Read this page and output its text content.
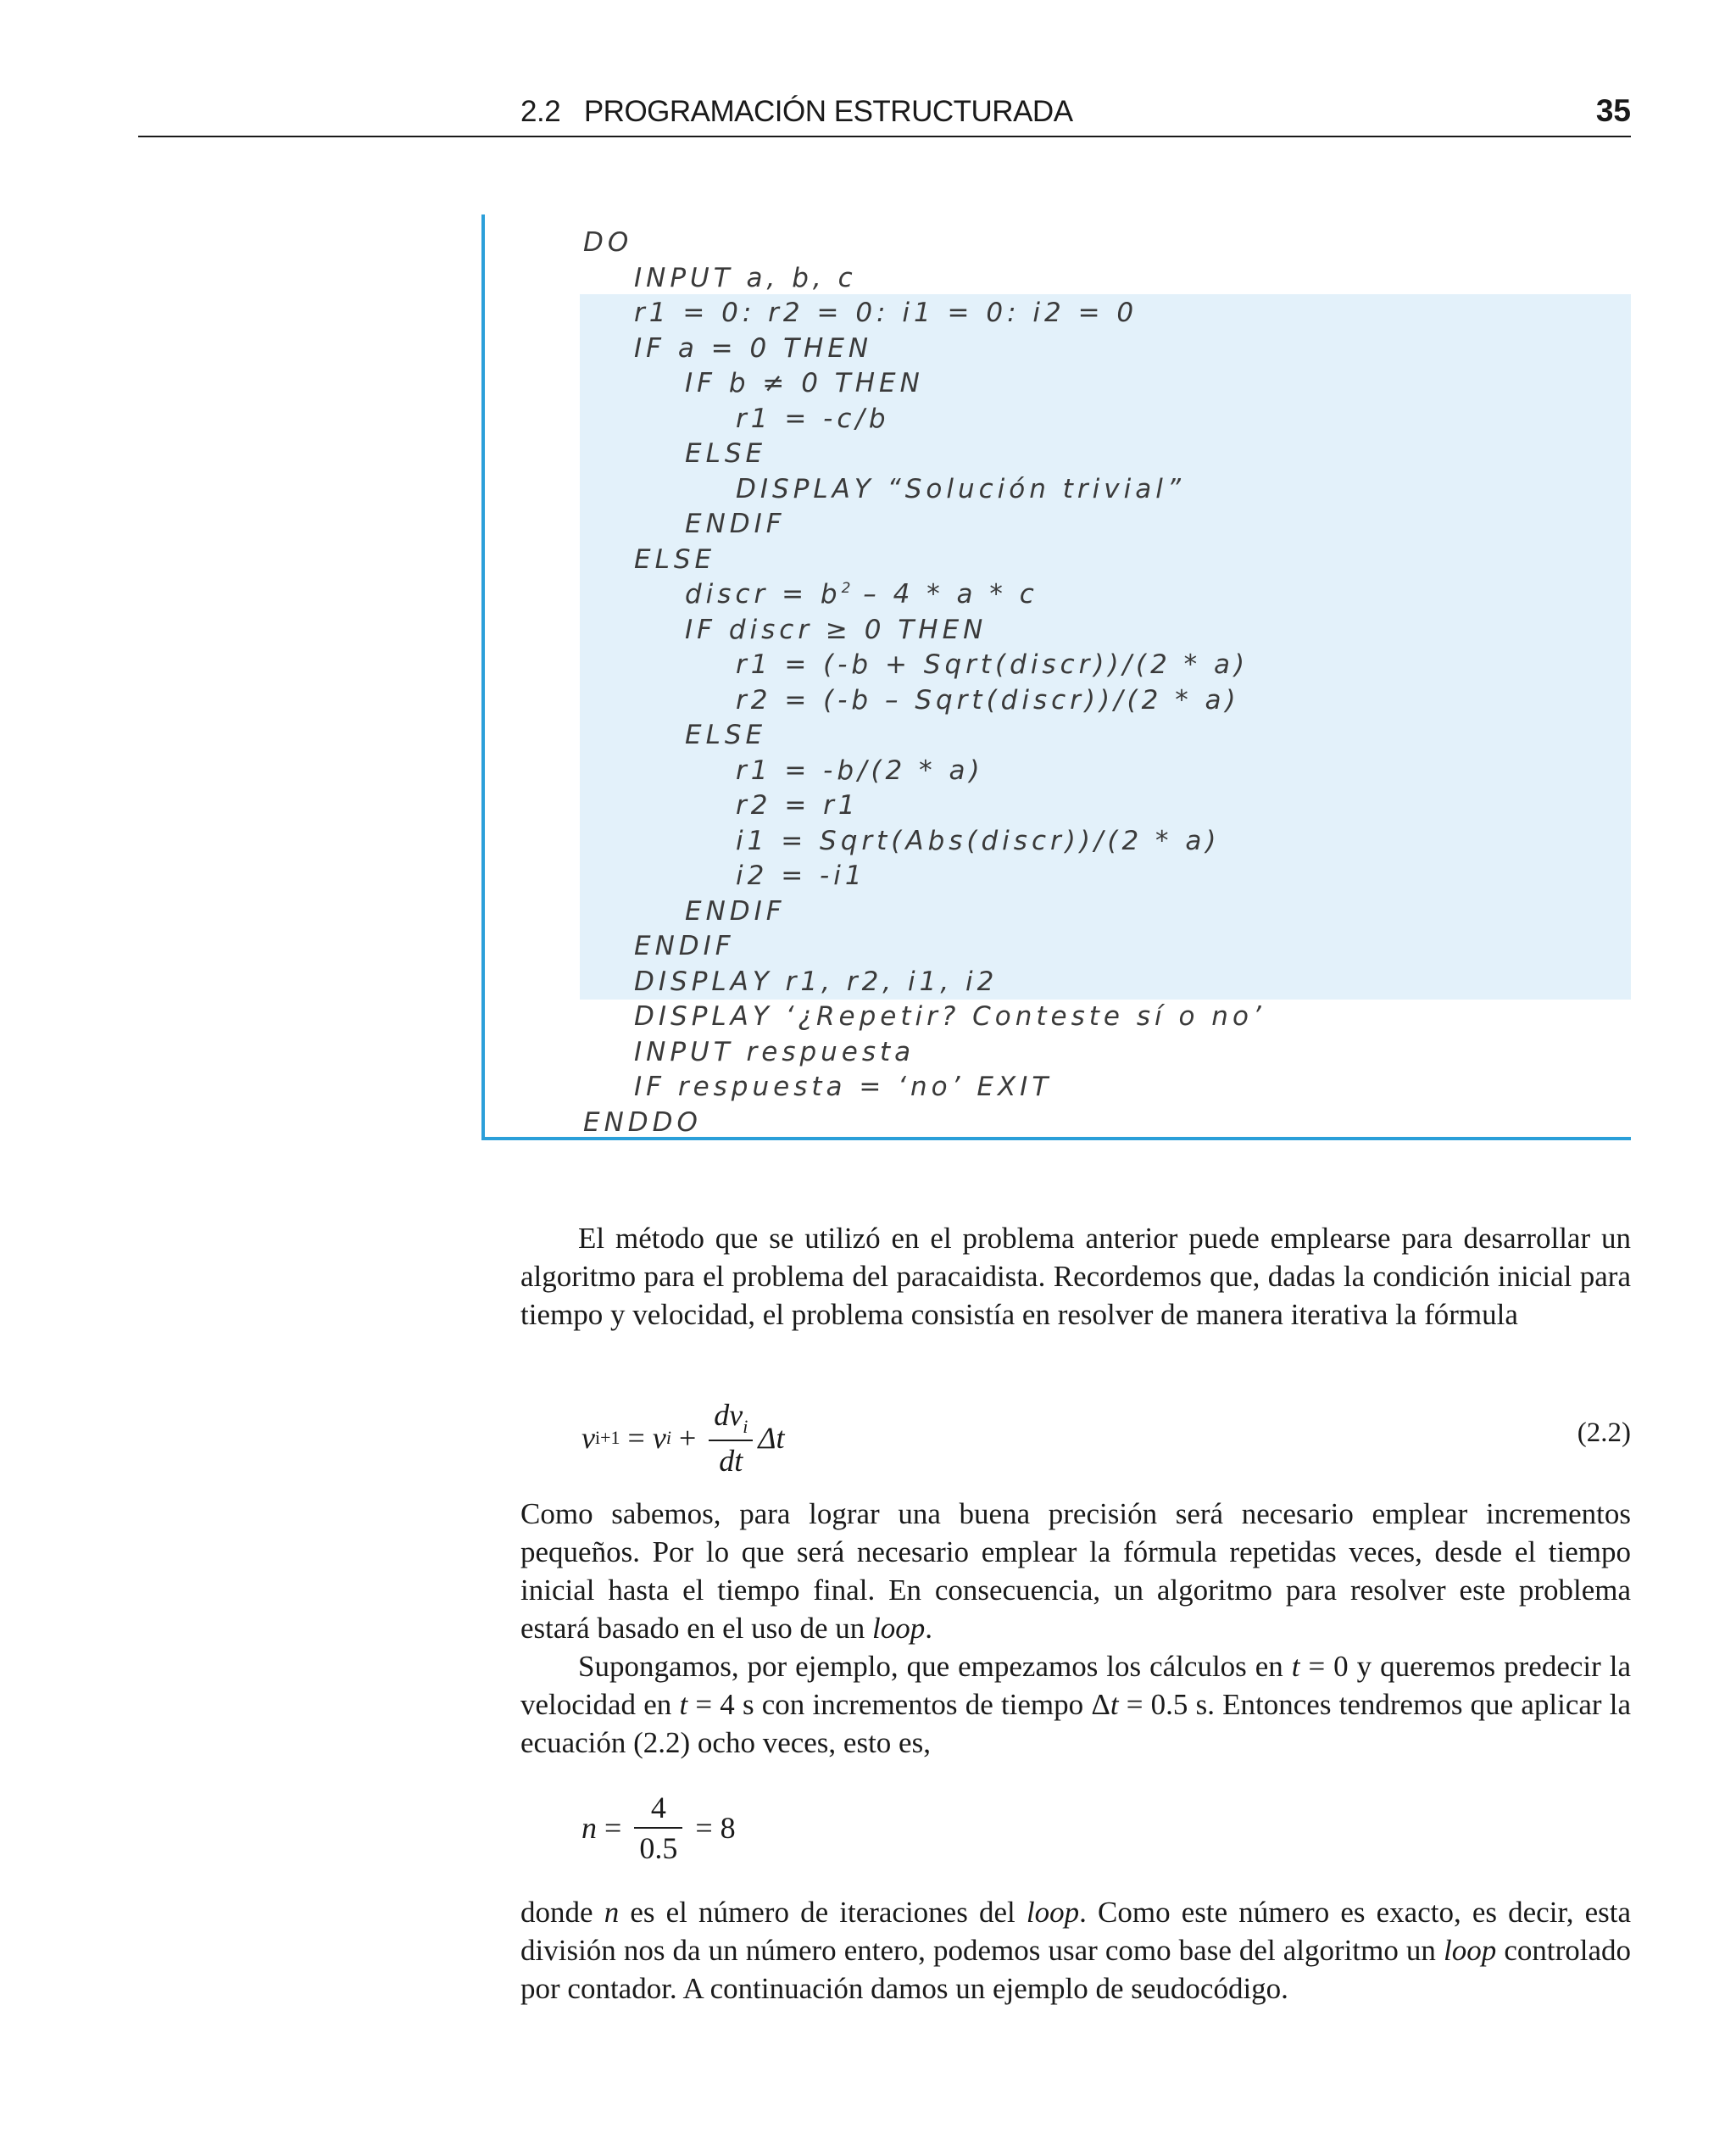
2.2   PROGRAMACIÓN ESTRUCTURADA	35
DO
INPUT a, b, c
r1 = 0: r2 = 0: i1 = 0: i2 = 0
IF a = 0 THEN
IF b ≠ 0 THEN
r1 = -c/b
ELSE
DISPLAY “Solución trivial”
ENDIF
ELSE
discr = $b^2 - 4$ * a * c
IF discr ≥ 0 THEN
r1 = (-b + Sqrt(discr))/(2 * a)
r2 = (-b – Sqrt(discr))/(2 * a)
ELSE
r1 = -b/(2 * a)
r2 = r1
i1 = Sqrt(Abs(discr))/(2 * a)
i2 = -i1
ENDIF
ENDIF
DISPLAY r1, r2, i1, i2
DISPLAY ‘¿Repetir? Conteste sí o no’
INPUT respuesta
IF respuesta = ‘no’ EXIT
ENDDO

El método que se utilizó en el problema anterior puede emplearse para desarrollar un algoritmo para el problema del paracaidista. Recordemos que, dadas la condición inicial para tiempo y velocidad, el problema consistía en resolver de manera iterativa la fórmula

v i+1 = v $i + \frac{dv_i}{dt}$ Δt	(2.2)

Como sabemos, para lograr una buena precisión será necesario emplear incrementos pequeños. Por lo que será necesario emplear la fórmula repetidas veces, desde el tiempo inicial hasta el tiempo final. En consecuencia, un algoritmo para resolver este problema estará basado en el uso de un loop.

Supongamos, por ejemplo, que empezamos los cálculos en t = 0 y queremos predecir la velocidad en t = 4 s con incrementos de tiempo Δt = 0.5 s. Entonces tendremos que aplicar la ecuación (2.2) ocho veces, esto es,

$n = \frac{4}{0.5} = 8$

donde n es el número de iteraciones del loop. Como este número es exacto, es decir, esta división nos da un número entero, podemos usar como base del algoritmo un loop controlado por contador. A continuación damos un ejemplo de seudocódigo.
